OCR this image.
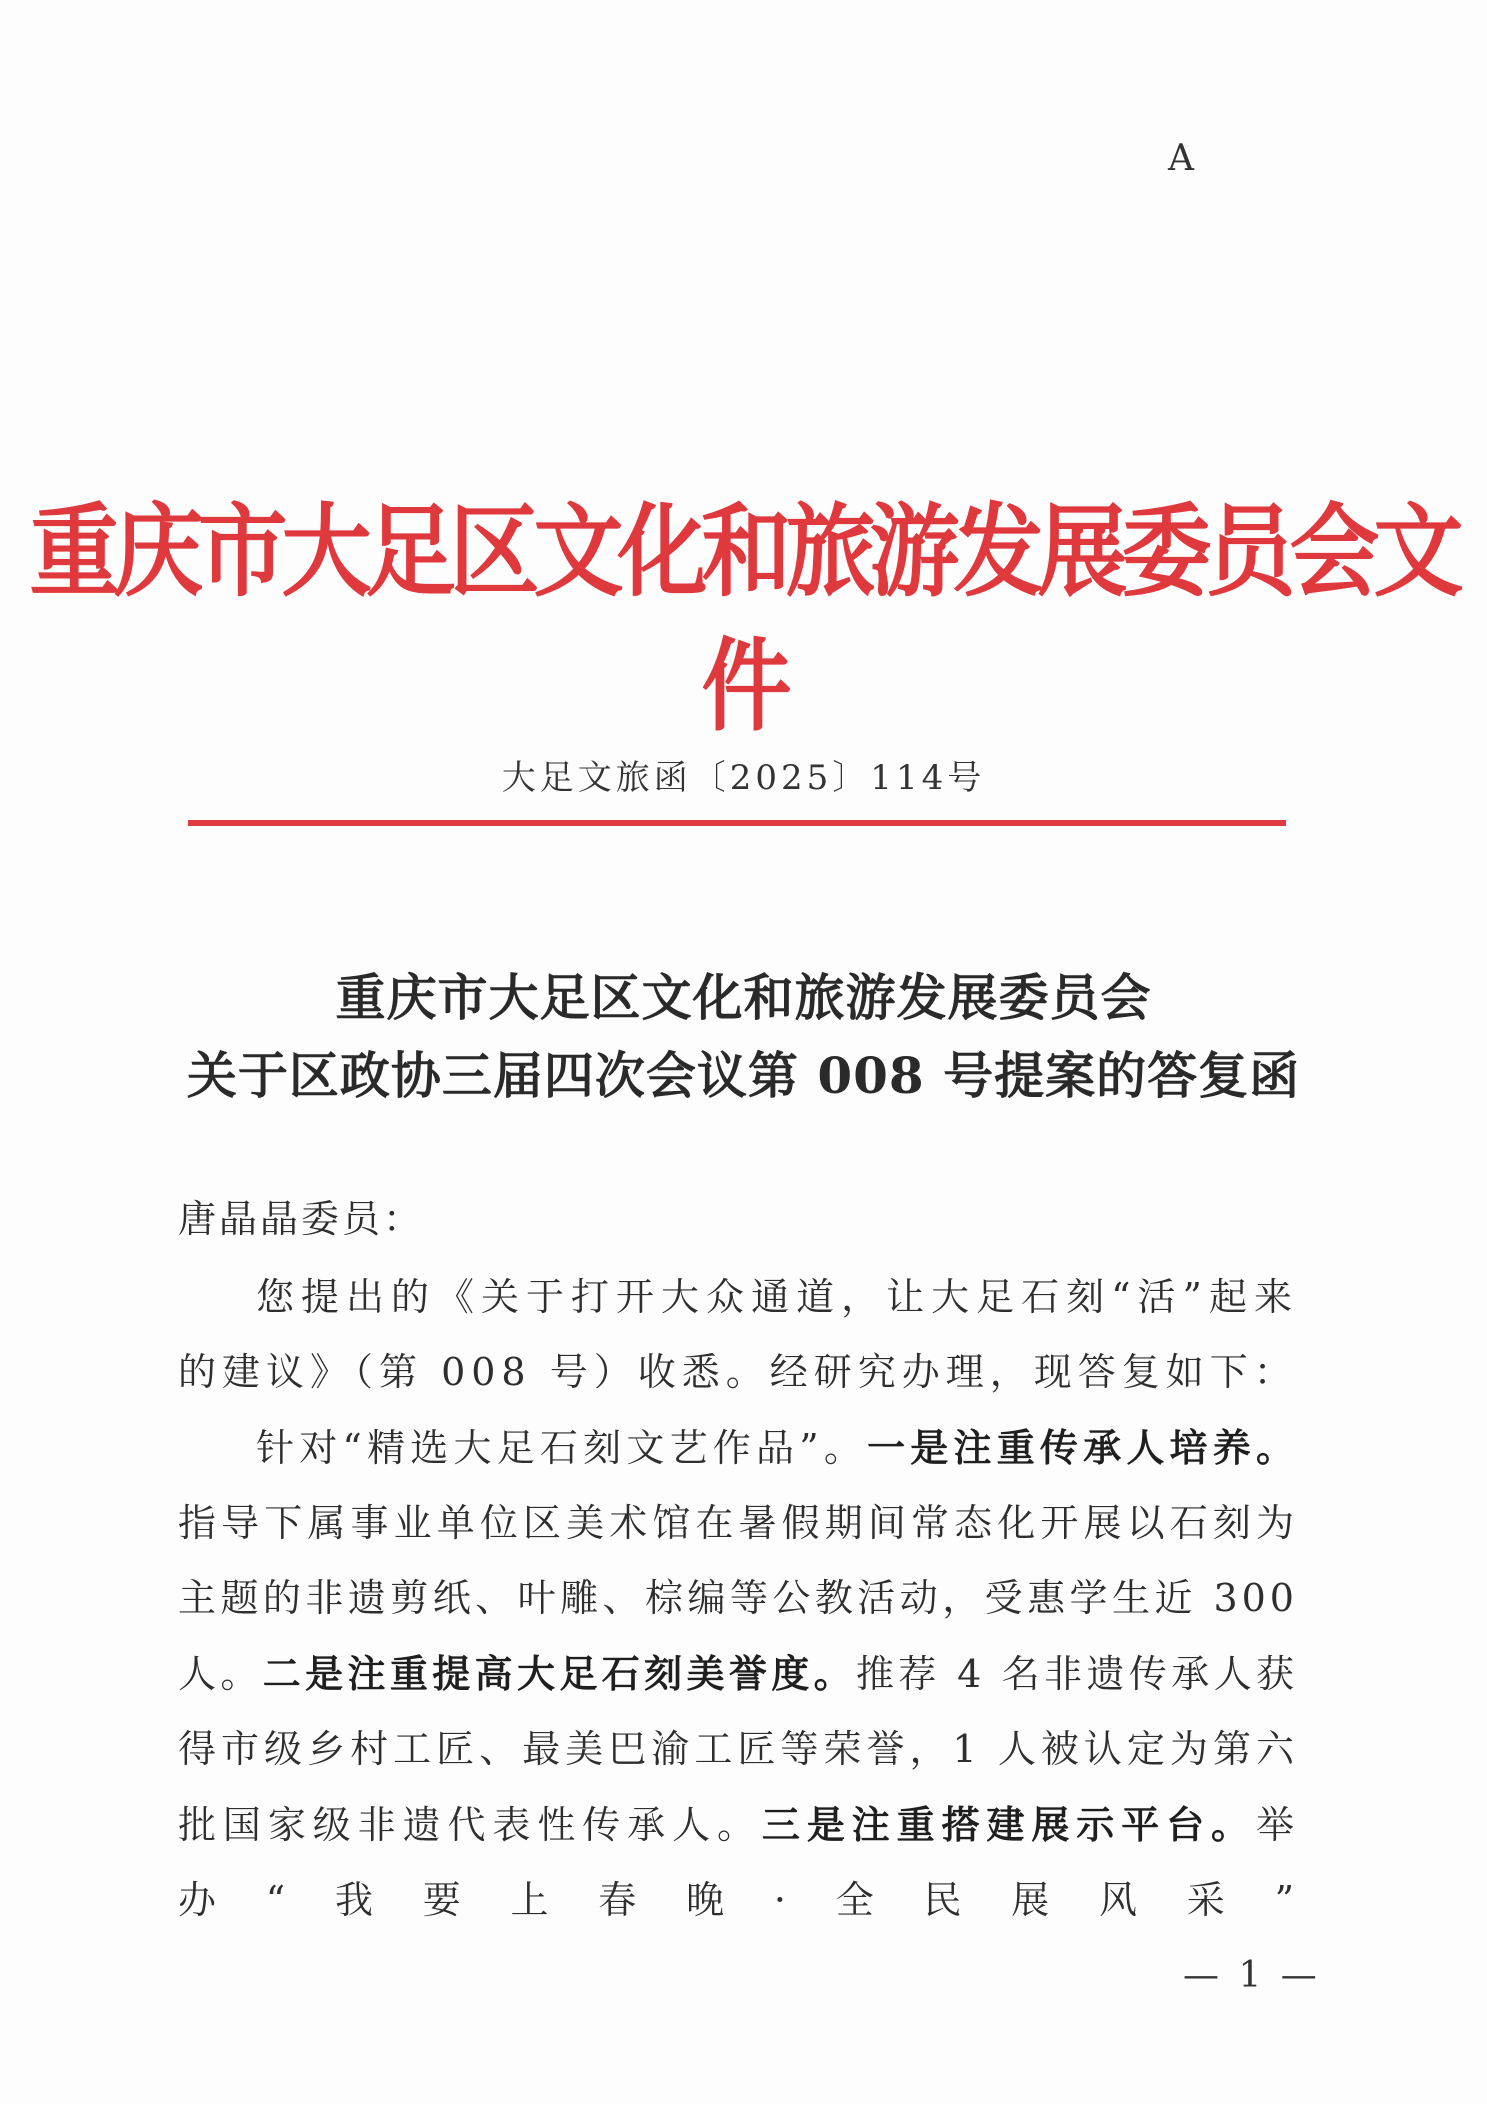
A
重庆市大足区文化和旅游发展委员会文件
大足文旅函〔2025〕114号
重庆市大足区文化和旅游发展委员会
关于区政协三届四次会议第 008 号提案的答复函
唐晶晶委员：

您提出的《关于打开大众通道，让大足石刻“活”起来的建议》（第 008 号）收悉。经研究办理，现答复如下：

针对“精选大足石刻文艺作品”。一是注重传承人培养。指导下属事业单位区美术馆在暑假期间常态化开展以石刻为主题的非遗剪纸、叶雕、棕编等公教活动，受惠学生近 300 人。二是注重提高大足石刻美誉度。推荐 4 名非遗传承人获得市级乡村工匠、最美巴渝工匠等荣誉，1 人被认定为第六批国家级非遗代表性传承人。三是注重搭建展示平台。举办“我要上春晚·全民展风采”

— 1 —
